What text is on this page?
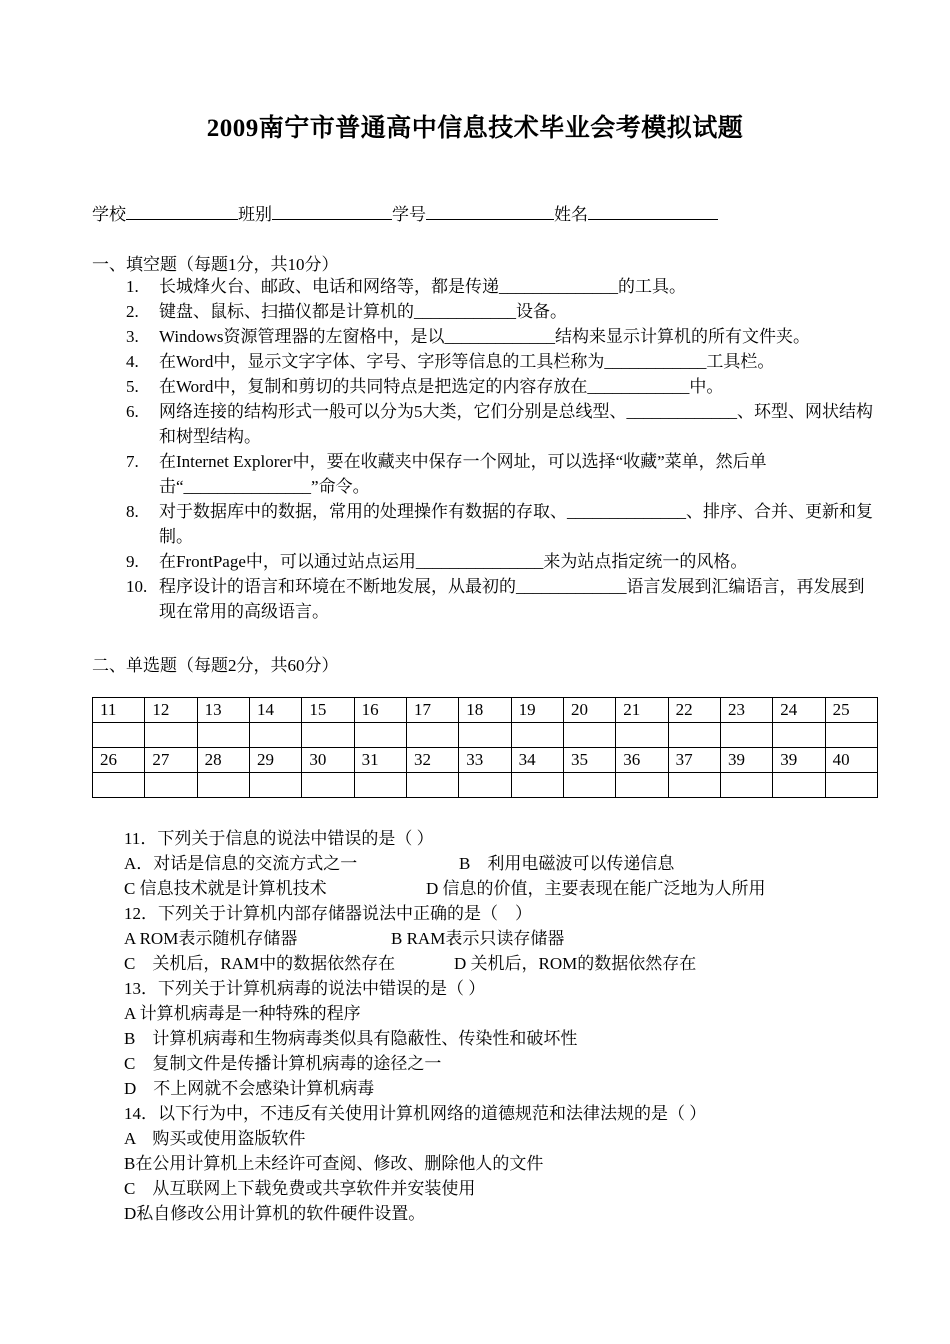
2009南宁市普通高中信息技术毕业会考模拟试题
学校	班别	学号	姓名
一、填空题（每题1分，共10分）
1.	长城烽火台、邮政、电话和网络等，都是传递______________的工具。
2.	键盘、鼠标、扫描仪都是计算机的____________设备。
3.	Windows资源管理器的左窗格中，是以_____________结构来显示计算机的所有文件夹。
4.	在Word中，显示文字字体、字号、字形等信息的工具栏称为____________工具栏。
5.	在Word中，复制和剪切的共同特点是把选定的内容存放在____________中。
6.	网络连接的结构形式一般可以分为5大类，它们分别是总线型、_____________、环型、网状结构和树型结构。
7.	在Internet Explorer中，要在收藏夹中保存一个网址，可以选择“收藏”菜单，然后单击“_______________”命令。
8.	对于数据库中的数据，常用的处理操作有数据的存取、______________、排序、合并、更新和复制。
9.	在FrontPage中，可以通过站点运用_______________来为站点指定统一的风格。
10. 程序设计的语言和环境在不断地发展，从最初的_____________语言发展到汇编语言，再发展到现在常用的高级语言。
二、单选题（每题2分，共60分）
11	12	13	14	15	16	17	18	19	20	21	22	23	24	25

26	27	28	29	30	31	32	33	34	35	36	37	39	39	40

11．下列关于信息的说法中错误的是（ ）
A．对话是信息的交流方式之一	B　利用电磁波可以传递信息
C 信息技术就是计算机技术	D 信息的价值，主要表现在能广泛地为人所用
12．下列关于计算机内部存储器说法中正确的是（　）
A ROM表示随机存储器	B RAM表示只读存储器
C　关机后，RAM中的数据依然存在	D 关机后，ROM的数据依然存在
13．下列关于计算机病毒的说法中错误的是（ ）
A 计算机病毒是一种特殊的程序
B　计算机病毒和生物病毒类似具有隐蔽性、传染性和破坏性
C　复制文件是传播计算机病毒的途径之一
D　不上网就不会感染计算机病毒
14．以下行为中，不违反有关使用计算机网络的道德规范和法律法规的是（ ）
A　购买或使用盗版软件
B在公用计算机上未经许可查阅、修改、删除他人的文件
C　从互联网上下载免费或共享软件并安装使用
D私自修改公用计算机的软件硬件设置。
